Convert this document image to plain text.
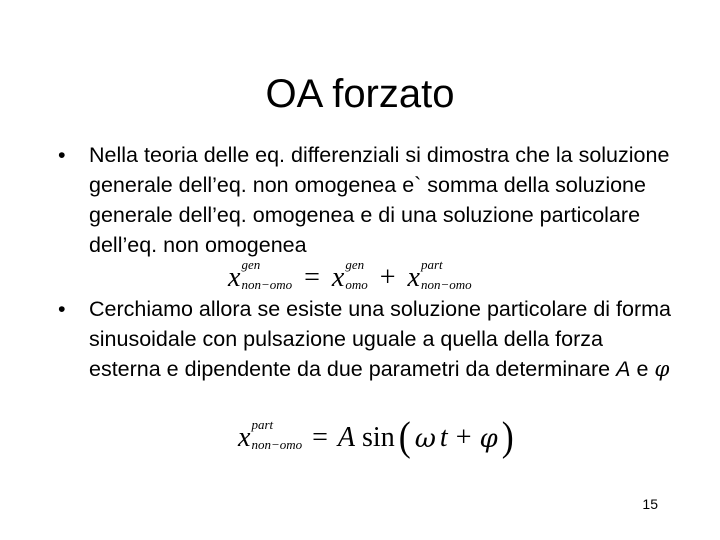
OA forzato
•	Nella teoria delle eq. differenziali si dimostra che la soluzione generale dell’eq. non omogenea e` somma della soluzione generale dell’eq. omogenea e di una soluzione particolare dell’eq. non omogenea
x gen
non−omo = x gen
omo + x part
non−omo
•	Cerchiamo allora se esiste una soluzione particolare di forma sinusoidale con pulsazione uguale a quella della forza esterna e dipendente da due parametri da determinare A e φ
x part
non−omo = A sin ( ω t + φ )
15
